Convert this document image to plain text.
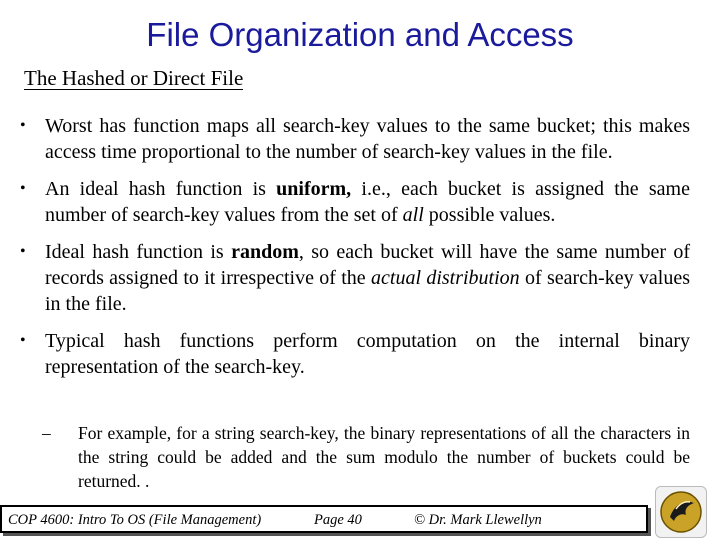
File Organization and Access
The Hashed or Direct File
• Worst has function maps all search-key values to the same bucket; this makes access time proportional to the number of search-key values in the file.
• An ideal hash function is uniform, i.e., each bucket is assigned the same number of search-key values from the set of all possible values.
• Ideal hash function is random, so each bucket will have the same number of records assigned to it irrespective of the actual distribution of search-key values in the file.
• Typical hash functions perform computation on the internal binary representation of the search-key.
– For example, for a string search-key, the binary representations of all the characters in the string could be added and the sum modulo the number of buckets could be returned. .
COP 4600: Intro To OS (File Management)	Page 40	© Dr. Mark Llewellyn
